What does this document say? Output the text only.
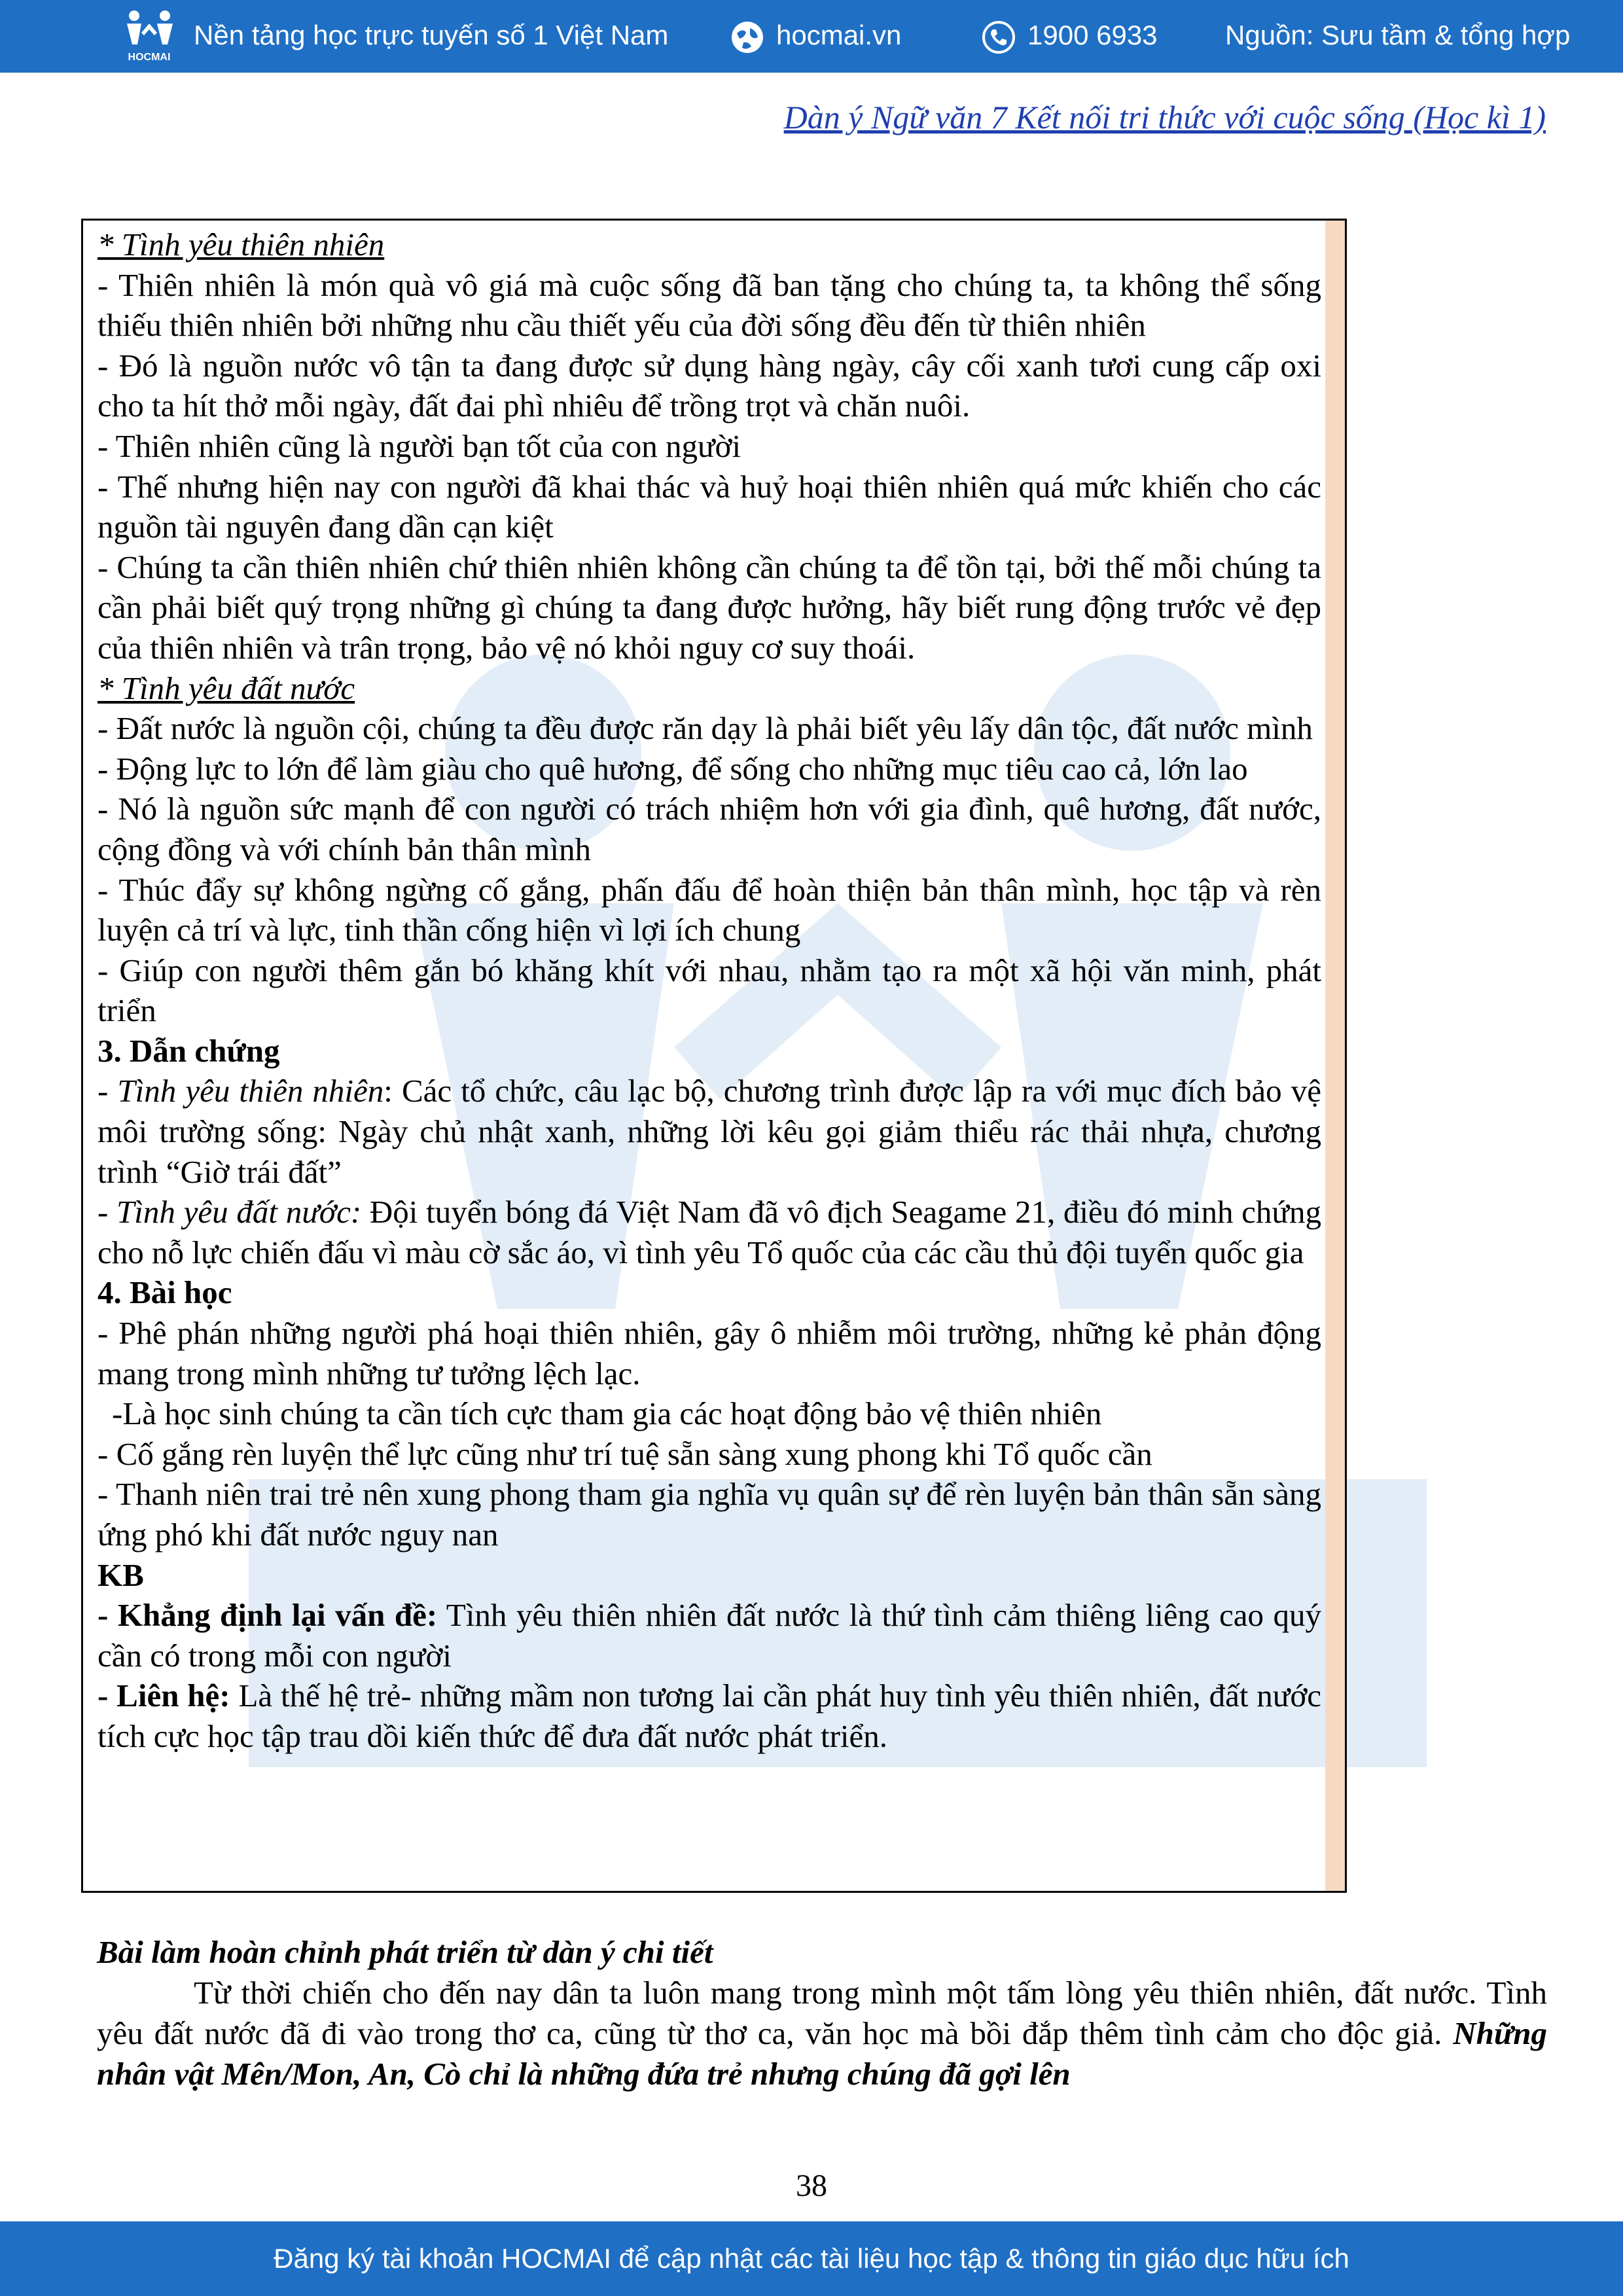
HOCMAI
Nền tảng học trực tuyến số 1 Việt Nam	hocmai.vn	1900 6933 Nguồn: Sưu tầm & tổng hợp
Dàn ý Ngữ văn 7 Kết nối tri thức với cuộc sống (Học kì 1)

* Tình yêu thiên nhiên

- Thiên nhiên là món quà vô giá mà cuộc sống đã ban tặng cho chúng ta, ta không thể sống thiếu thiên nhiên bởi những nhu cầu thiết yếu của đời sống đều đến từ thiên nhiên

- Đó là nguồn nước vô tận ta đang được sử dụng hàng ngày, cây cối xanh tươi cung cấp oxi cho ta hít thở mỗi ngày, đất đai phì nhiêu để trồng trọt và chăn nuôi.

- Thiên nhiên cũng là người bạn tốt của con người

- Thế nhưng hiện nay con người đã khai thác và huỷ hoại thiên nhiên quá mức khiến cho các nguồn tài nguyên đang dần cạn kiệt

- Chúng ta cần thiên nhiên chứ thiên nhiên không cần chúng ta để tồn tại, bởi thế mỗi chúng ta cần phải biết quý trọng những gì chúng ta đang được hưởng, hãy biết rung động trước vẻ đẹp của thiên nhiên và trân trọng, bảo vệ nó khỏi nguy cơ suy thoái.

* Tình yêu đất nước

- Đất nước là nguồn cội, chúng ta đều được răn dạy là phải biết yêu lấy dân tộc, đất nước mình

- Động lực to lớn để làm giàu cho quê hương, để sống cho những mục tiêu cao cả, lớn lao

- Nó là nguồn sức mạnh để con người có trách nhiệm hơn với gia đình, quê hương, đất nước, cộng đồng và với chính bản thân mình

- Thúc đẩy sự không ngừng cố gắng, phấn đấu để hoàn thiện bản thân mình, học tập và rèn luyện cả trí và lực, tinh thần cống hiện vì lợi ích chung

- Giúp con người thêm gắn bó khăng khít với nhau, nhằm tạo ra một xã hội văn minh, phát triển

3. Dẫn chứng

- Tình yêu thiên nhiên: Các tổ chức, câu lạc bộ, chương trình được lập ra với mục đích bảo vệ môi trường sống: Ngày chủ nhật xanh, những lời kêu gọi giảm thiểu rác thải nhựa, chương trình “Giờ trái đất”

- Tình yêu đất nước: Đội tuyển bóng đá Việt Nam đã vô địch Seagame 21, điều đó minh chứng cho nỗ lực chiến đấu vì màu cờ sắc áo, vì tình yêu Tổ quốc của các cầu thủ đội tuyển quốc gia

4. Bài học

- Phê phán những người phá hoại thiên nhiên, gây ô nhiễm môi trường, những kẻ phản động mang trong mình những tư tưởng lệch lạc.

-Là học sinh chúng ta cần tích cực tham gia các hoạt động bảo vệ thiên nhiên

- Cố gắng rèn luyện thể lực cũng như trí tuệ sẵn sàng xung phong khi Tổ quốc cần

- Thanh niên trai trẻ nên xung phong tham gia nghĩa vụ quân sự để rèn luyện bản thân sẵn sàng ứng phó khi đất nước nguy nan

KB

- Khẳng định lại vấn đề: Tình yêu thiên nhiên đất nước là thứ tình cảm thiêng liêng cao quý cần có trong mỗi con người

- Liên hệ: Là thế hệ trẻ- những mầm non tương lai cần phát huy tình yêu thiên nhiên, đất nước tích cực học tập trau dồi kiến thức để đưa đất nước phát triển.

Bài làm hoàn chỉnh phát triển từ dàn ý chi tiết

Từ thời chiến cho đến nay dân ta luôn mang trong mình một tấm lòng yêu thiên nhiên, đất nước. Tình yêu đất nước đã đi vào trong thơ ca, cũng từ thơ ca, văn học mà bồi đắp thêm tình cảm cho độc giả. Những nhân vật Mên/Mon, An, Cò chỉ là những đứa trẻ nhưng chúng đã gợi lên

38
Đăng ký tài khoản HOCMAI để cập nhật các tài liệu học tập & thông tin giáo dục hữu ích
